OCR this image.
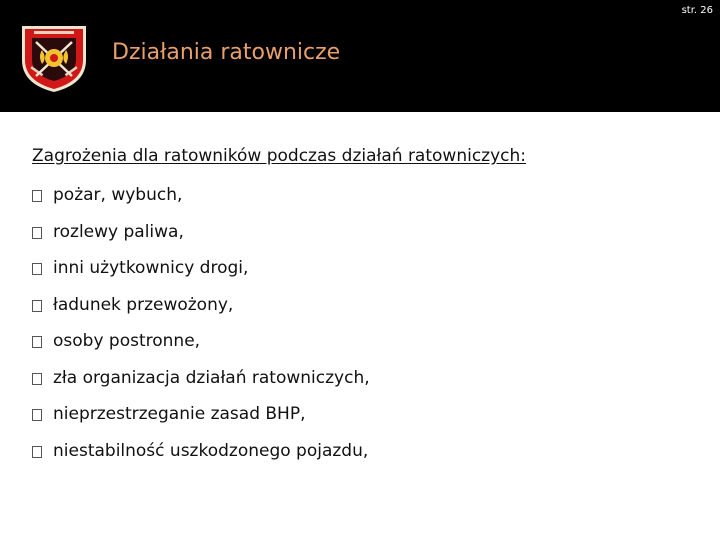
str. 26
Działania ratownicze
Zagrożenia dla ratowników podczas działań ratowniczych:
pożar, wybuch,
rozlewy paliwa,
inni użytkownicy drogi,
ładunek przewożony,
osoby postronne,
zła organizacja działań ratowniczych,
nieprzestrzeganie zasad BHP,
niestabilność uszkodzonego pojazdu,
